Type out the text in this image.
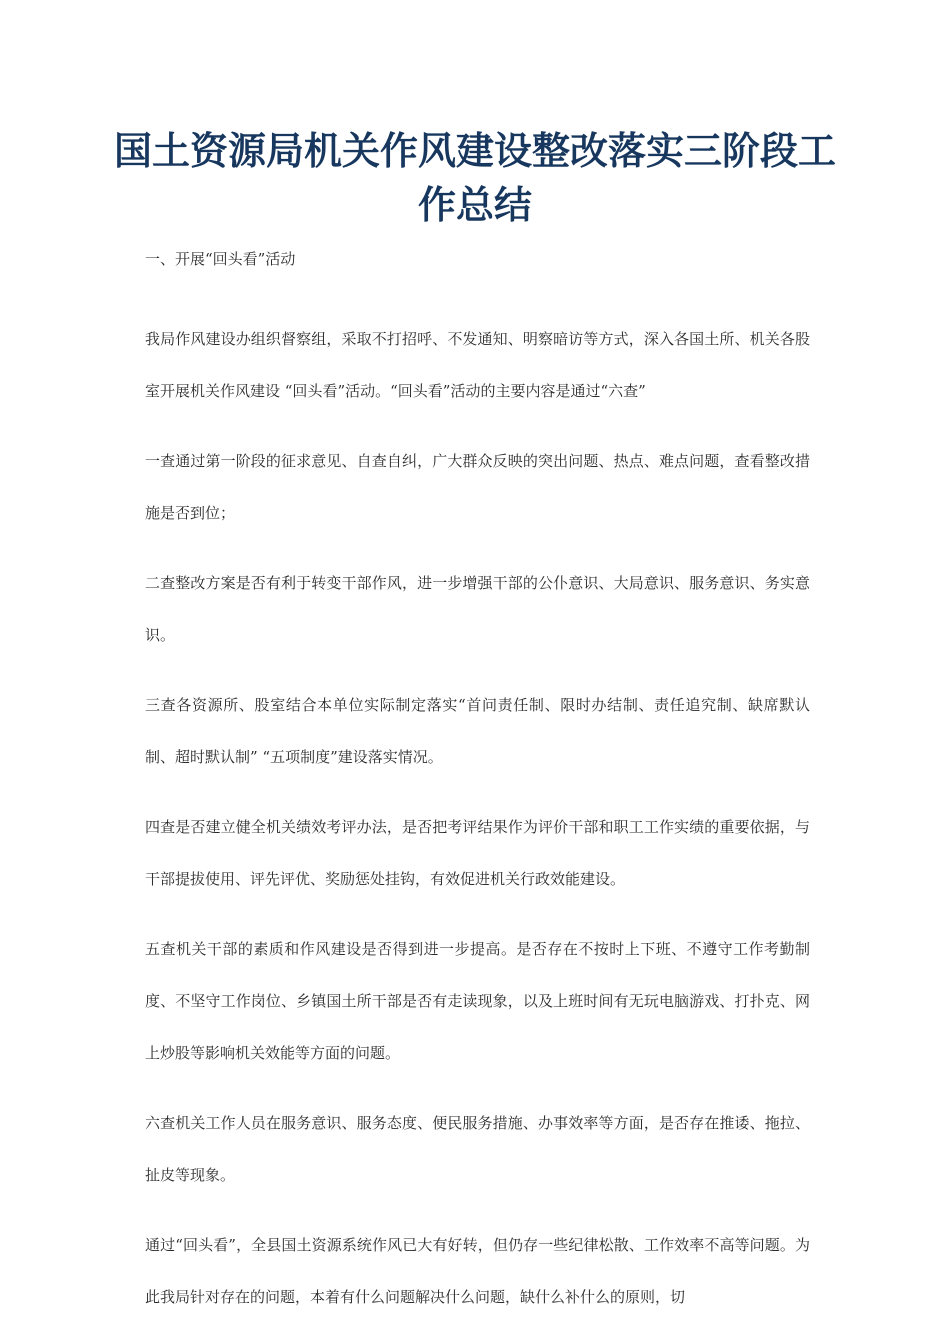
国土资源局机关作风建设整改落实三阶段工作总结

一、开展“回头看”活动

我局作风建设办组织督察组，采取不打招呼、不发通知、明察暗访等方式，深入各国土所、机关各股室开展机关作风建设 “回头看”活动。“回头看”活动的主要内容是通过“六查”

一查通过第一阶段的征求意见、自查自纠，广大群众反映的突出问题、热点、难点问题，查看整改措施是否到位；

二查整改方案是否有利于转变干部作风，进一步增强干部的公仆意识、大局意识、服务意识、务实意识。

三查各资源所、股室结合本单位实际制定落实“首问责任制、限时办结制、责任追究制、缺席默认制、超时默认制” “五项制度”建设落实情况。

四查是否建立健全机关绩效考评办法，是否把考评结果作为评价干部和职工工作实绩的重要依据，与干部提拔使用、评先评优、奖励惩处挂钩，有效促进机关行政效能建设。

五查机关干部的素质和作风建设是否得到进一步提高。是否存在不按时上下班、不遵守工作考勤制度、不坚守工作岗位、乡镇国土所干部是否有走读现象，以及上班时间有无玩电脑游戏、打扑克、网上炒股等影响机关效能等方面的问题。

六查机关工作人员在服务意识、服务态度、便民服务措施、办事效率等方面，是否存在推诿、拖拉、扯皮等现象。

通过“回头看”，全县国土资源系统作风已大有好转，但仍存一些纪律松散、工作效率不高等问题。为此我局针对存在的问题，本着有什么问题解决什么问题，缺什么补什么的原则，切
